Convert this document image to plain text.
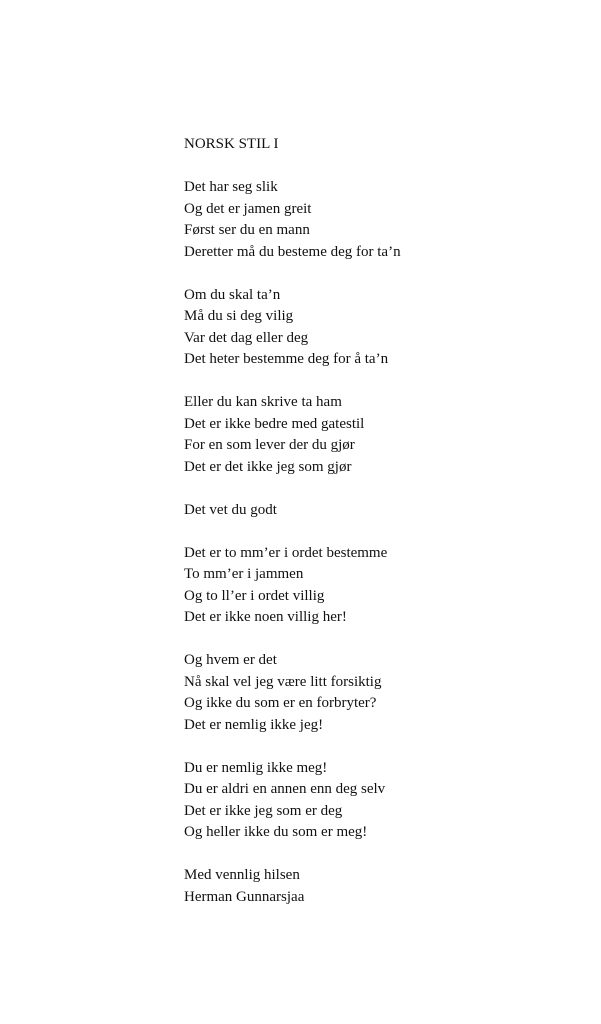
NORSK STIL I
Det har seg slik
Og det er jamen greit
Først ser du en mann
Deretter må du besteme deg for ta’n
Om du skal ta’n
Må du si deg vilig
Var det dag eller deg
Det heter bestemme deg for å ta’n
Eller du kan skrive ta ham
Det er ikke bedre med gatestil
For en som lever der du gjør
Det er det ikke jeg som gjør
Det vet du godt
Det er to mm’er i ordet bestemme
To mm’er i jammen
Og to ll’er i ordet villig
Det er ikke noen villig her!
Og hvem er det
Nå skal vel jeg være litt forsiktig
Og ikke du som er en forbryter?
Det er nemlig ikke jeg!
Du er nemlig ikke meg!
Du er aldri en annen enn deg selv
Det er ikke jeg som er deg
Og heller ikke du som er meg!
Med vennlig hilsen
Herman Gunnarsjaa
